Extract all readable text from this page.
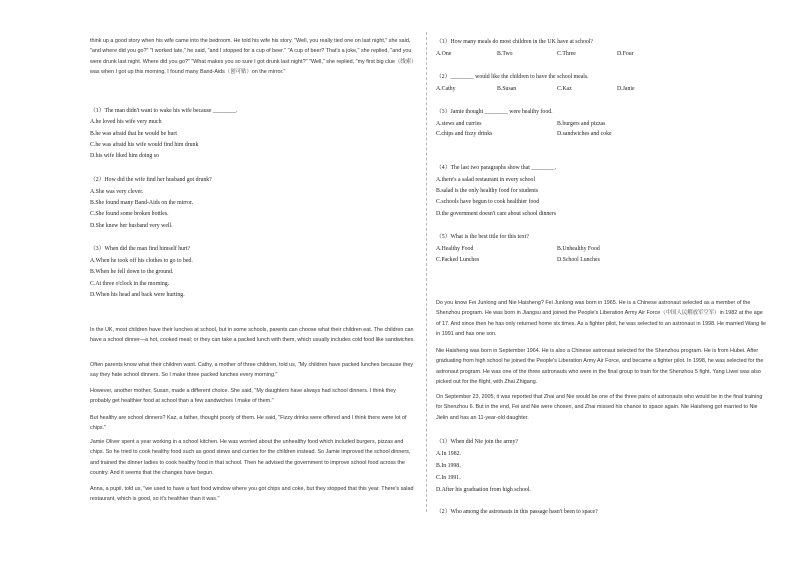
think up a good story when his wife came into the bedroom. He told his wife his story. "Well, you really tied one on last night," she said, "and where did you go?" "I worked late," he said, "and I stopped for a cup of beer." "A cup of beer? That's a joke," she replied, "and you were drunk last night. Where did you go?" "What makes you so sure I got drunk last night?" "Well," she replied, "my first big clue（线索）was when I got up this morning, I found many Band-Aids（创可贴）on the mirror."

（1）The man didn't want to wake his wife because ________.

A.he loved his wife very much

B.he was afraid that he would be hurt

C.he was afraid his wife would find him drunk

D.his wife liked him doing so

（2）How did the wife find her husband got drunk?

A.She was very clever.

B.She found many Band-Aids on the mirror.

C.She found some broken bottles.

D.She knew her husband very well.

（3）When did the man find himself hurt?

A.When he took off his clothes to go to bed.

B.When he fell down to the ground.

C.At three o'clock in the morning.

D.When his head and back were hurting.

In the UK, most children have their lunches at school, but in some schools, parents can choose what their children eat. The children can have a school dinner—a hot, cooked meal; or they can take a packed lunch with them, which usually includes cold food like sandwiches.

Often parents know what their children want. Cathy, a mother of three children, told us, "My children have packed lunches because they say they hate school dinners. So I make three packed lunches every morning."

However, another mother, Susan, made a different choice. She said, "My daughters have always had school dinners. I think they probably get healthier food at school than a few sandwiches I make of them."

But healthy are school dinners? Kaz, a father, thought poorly of them. He said, "Fizzy drinks were offered and I think there were lot of chips."

Jamie Oliver spent a year working in a school kitchen. He was worried about the unhealthy food which included burgers, pizzas and chips. So he tried to cook healthy food such as good stews and curries for the children instead. So Jamie improved the school dinners, and trained the dinner ladies to cook healthy food in that school. Then he advised the government to improve school food across the country. And it seems that the changes have begun.

Anna, a pupil, told us, "we used to have a fast food window where you got chips and coke, but they stopped that this year. There's salad restaurant, which is good, so it's healthier than it was."

（1）How many meals do most children in the UK have at school?

A.One	B.Two	C.Three	D.Four

（2）________ would like the children to have the school meals.

A.Cathy	B.Susan	C.Kaz	D.Janie

（3）Jamie thought ________ were healthy food.

A.stews and curries	B.burgers and pizzas

C.chips and fizzy drinks	D.sandwiches and coke

（4）The last two paragraphs show that ________.

A.there's a salad restaurant in every school

B.salad is the only healthy food for students

C.schools have begun to cook healthier food

D.the government doesn't care about school dinners

（5）What is the best title for this text?

A.Healthy Food	B.Unhealthy Food

C.Packed Lunches	D.School Lunches

Do you know Fei Junlong and Nie Haisheng? Fei Junlong was born in 1965. He is a Chinese astronaut selected as a member of the Shenzhou program. He was born in Jiangsu and joined the People's Liberation Army Air Force（中国人民解放军空军）in 1982 at the age of 17. And since then he has only returned home six times. As a fighter pilot, he was selected to an astronaut in 1998. He married Wang lie in 1991 and has one son.

Nie Haisheng was born in September 1964. He is also a Chinese astronaut selected for the Shenzhou program. He is from Hubei. After graduating from high school he joined the People's Liberation Army Air Force, and became a fighter pilot. In 1998, he was selected for the astronaut program. He was one of the three astronauts who were in the final group to train for the Shenzhou 5 fight. Yang Liwei was also picked out for the flight, with Zhai Zhigang.

On September 23, 2005, it was reported that Zhai and Nie would be one of the three pairs of astronauts who would be in the final training for Shenzhou 6. But in the end, Fei and Nie were chosen, and Zhai missed his chance to space again. Nie Haisheng got married to Nie Jielin and has an 11-year-old daughter.

（1）When did Nie join the army?

A.In 1982.

B.In 1998.

C.In 1991.

D.After his graduation from high school.

（2）Who among the astronauts in this passage hasn't been to space?
